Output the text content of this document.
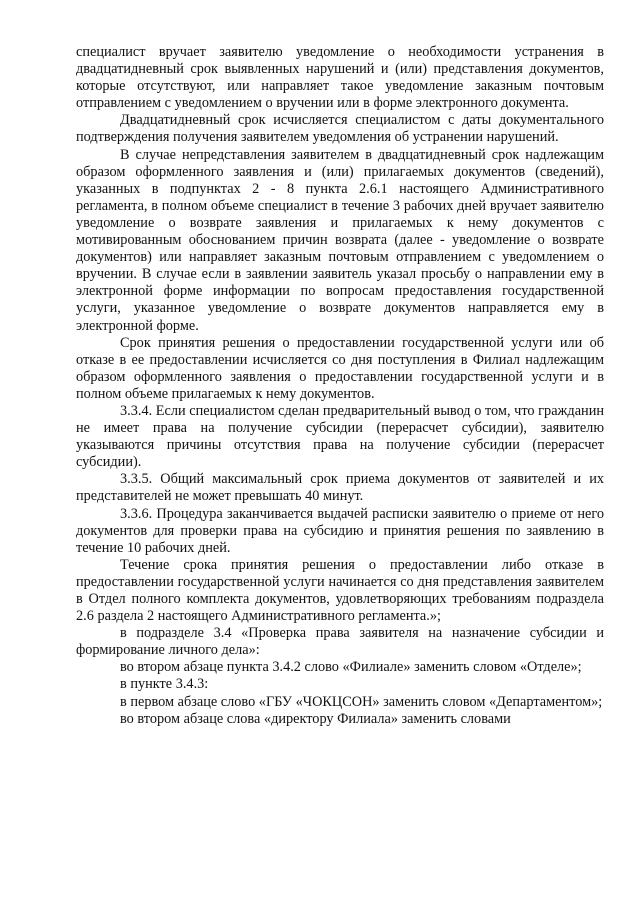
специалист вручает заявителю уведомление о необходимости устранения в двадцатидневный срок выявленных нарушений и (или) представления документов, которые отсутствуют, или направляет такое уведомление заказным почтовым отправлением с уведомлением о вручении или в форме электронного документа.

Двадцатидневный срок исчисляется специалистом с даты документального подтверждения получения заявителем уведомления об устранении нарушений.

В случае непредставления заявителем в двадцатидневный срок надлежащим образом оформленного заявления и (или) прилагаемых документов (сведений), указанных в подпунктах 2 - 8 пункта 2.6.1 настоящего Административного регламента, в полном объеме специалист в течение 3 рабочих дней вручает заявителю уведомление о возврате заявления и прилагаемых к нему документов с мотивированным обоснованием причин возврата (далее - уведомление о возврате документов) или направляет заказным почтовым отправлением с уведомлением о вручении. В случае если в заявлении заявитель указал просьбу о направлении ему в электронной форме информации по вопросам предоставления государственной услуги, указанное уведомление о возврате документов направляется ему в электронной форме.

Срок принятия решения о предоставлении государственной услуги или об отказе в ее предоставлении исчисляется со дня поступления в Филиал надлежащим образом оформленного заявления о предоставлении государственной услуги и в полном объеме прилагаемых к нему документов.

3.3.4. Если специалистом сделан предварительный вывод о том, что гражданин не имеет права на получение субсидии (перерасчет субсидии), заявителю указываются причины отсутствия права на получение субсидии (перерасчет субсидии).

3.3.5. Общий максимальный срок приема документов от заявителей и их представителей не может превышать 40 минут.

3.3.6. Процедура заканчивается выдачей расписки заявителю о приеме от него документов для проверки права на субсидию и принятия решения по заявлению в течение 10 рабочих дней.

Течение срока принятия решения о предоставлении либо отказе в предоставлении государственной услуги начинается со дня представления заявителем в Отдел полного комплекта документов, удовлетворяющих требованиям подраздела 2.6 раздела 2 настоящего Административного регламента.»;

в подразделе 3.4 «Проверка права заявителя на назначение субсидии и формирование личного дела»:

во втором абзаце пункта 3.4.2 слово «Филиале» заменить словом «Отделе»;

в пункте 3.4.3:

в первом абзаце слово «ГБУ «ЧОКЦСОН» заменить словом «Департаментом»;

во втором абзаце слова «директору Филиала» заменить словами
